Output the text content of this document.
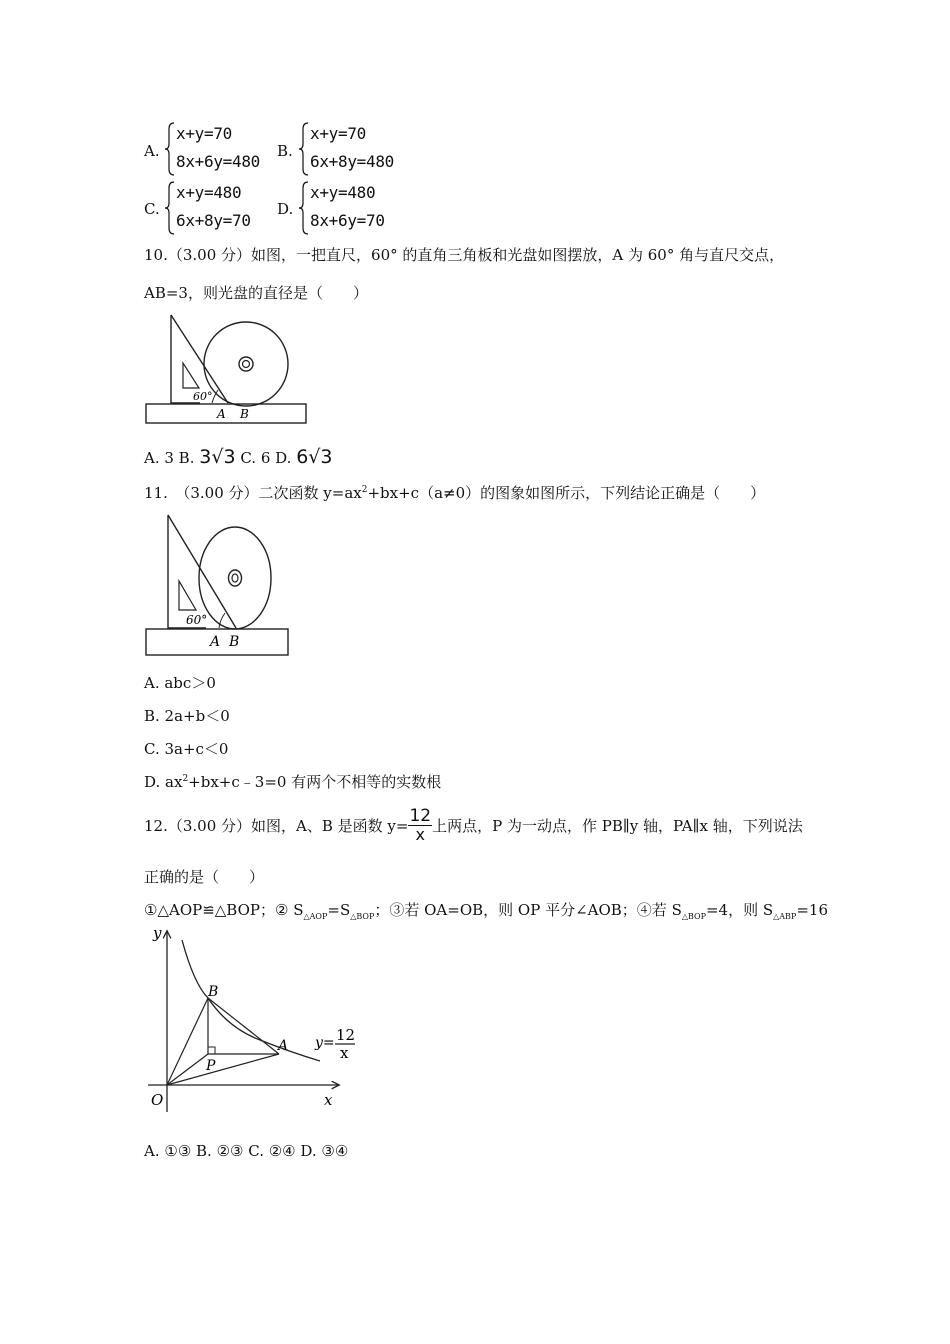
A.
x+y=70
8x+6y=480
B.
x+y=70
6x+8y=480
C.
x+y=480
6x+8y=70
D.
x+y=480
8x+6y=70
10.（3.00 分）如图，一把直尺，60° 的直角三角板和光盘如图摆放，A 为 60° 角与直尺交点，
AB=3，则光盘的直径是（　　）
60°
A B
A. 3 B. 3√3 C. 6 D. 6√3
11.　（3.00 分）二次函数 $y=ax^2+bx+c(a\ne 0)$的图象如图所示，下列结论正确是（　　）
60°
A B
A. abc＞0
B. 2a+b＜0
C. 3a+c＜0
D. $ax^2+bx+c﹣3=0$ 有两个不相等的实数根
12.（3.00 分）如图，A、B 是函数 $y= \frac{12}{x}$ 上两点，P 为一动点，作 PB∥y 轴，PA∥x 轴，下列说法
正确的是（　　）
①△AOP≌△BOP；② $S_{\triangle AOP}=S_{\triangle BOP}$；③若 OA=OB，则 OP 平分∠AOB；④若 $S_{\triangle BOP}=4$，则 $S_{\triangle ABP}=16$
y
x
O
B
A
P
y= 12
x
A. ①③ B. ②③ C. ②④ D. ③④
